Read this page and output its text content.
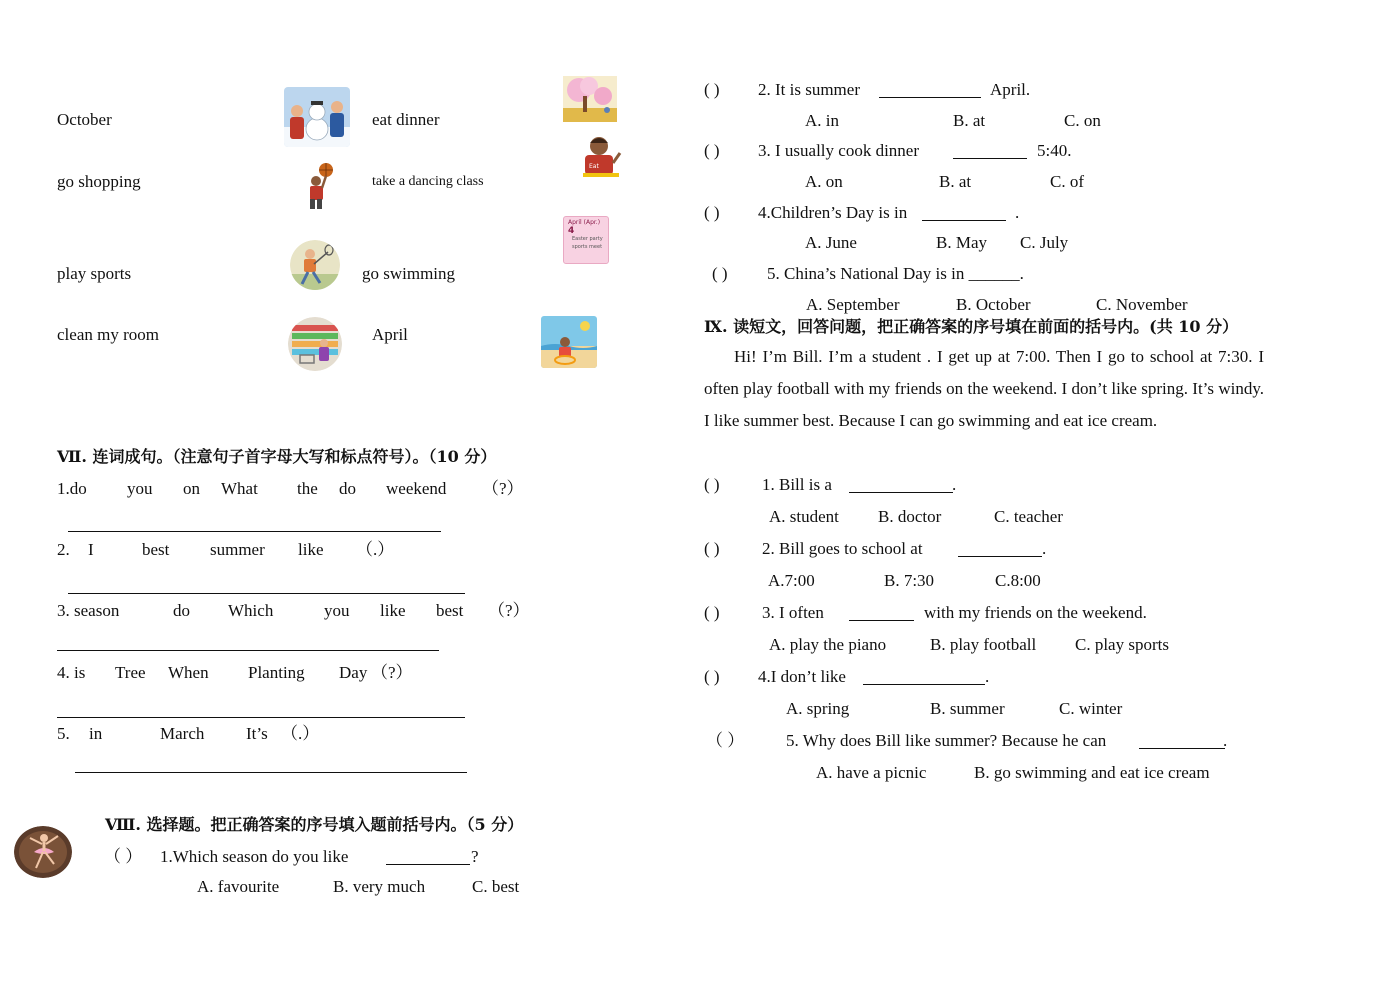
October
go shopping
play sports
clean my room
eat dinner
take a dancing class
go swimming
April
Eat
April (Apr.)
4
Easter party
sports meet
Ⅶ. 连词成句。（注意句子首字母大写和标点符号）。（10 分）
1.do you on What the do weekend （?）
2. I	best summer like （.）
3. season	do Which	you like best （?）
4. is Tree When Planting Day （?）
5. in	March It’s （.）
Ⅷ. 选择题。把正确答案的序号填入题前括号内。（5 分）
（ ） 1.Which season do you like	?
A. favourite	B. very much	C. best
( ) 2. It is summer	April.
A. in	B. at	C. on
( ) 3. I usually cook dinner	5:40.
A. on	B. at	C. of
( ) 4.Children’s Day is in	.
A. June	B. May C. July
( ) 5. China’s National Day is in ______.
A. September	B. October	C. November
Ⅸ. 读短文，回答问题，把正确答案的序号填在前面的括号内。(共 10 分）
Hi! I’m Bill. I’m a student . I get up at 7:00. Then I go to school at 7:30. I often play football with my friends on the weekend. I don’t like spring. It’s windy. I like summer best. Because I can go swimming and eat ice cream.
( ) 1. Bill is a	.
A. student B. doctor	C. teacher
( ) 2. Bill goes to school at	.
A.7:00	B. 7:30	C.8:00
( ) 3. I often	with my friends on the weekend.
A. play the piano	B. play football C. play sports
( ) 4.I don’t like	.
A. spring	B. summer	C. winter
（ ） 5. Why does Bill like summer? Because he can	.
A. have a picnic	B. go swimming and eat ice cream
